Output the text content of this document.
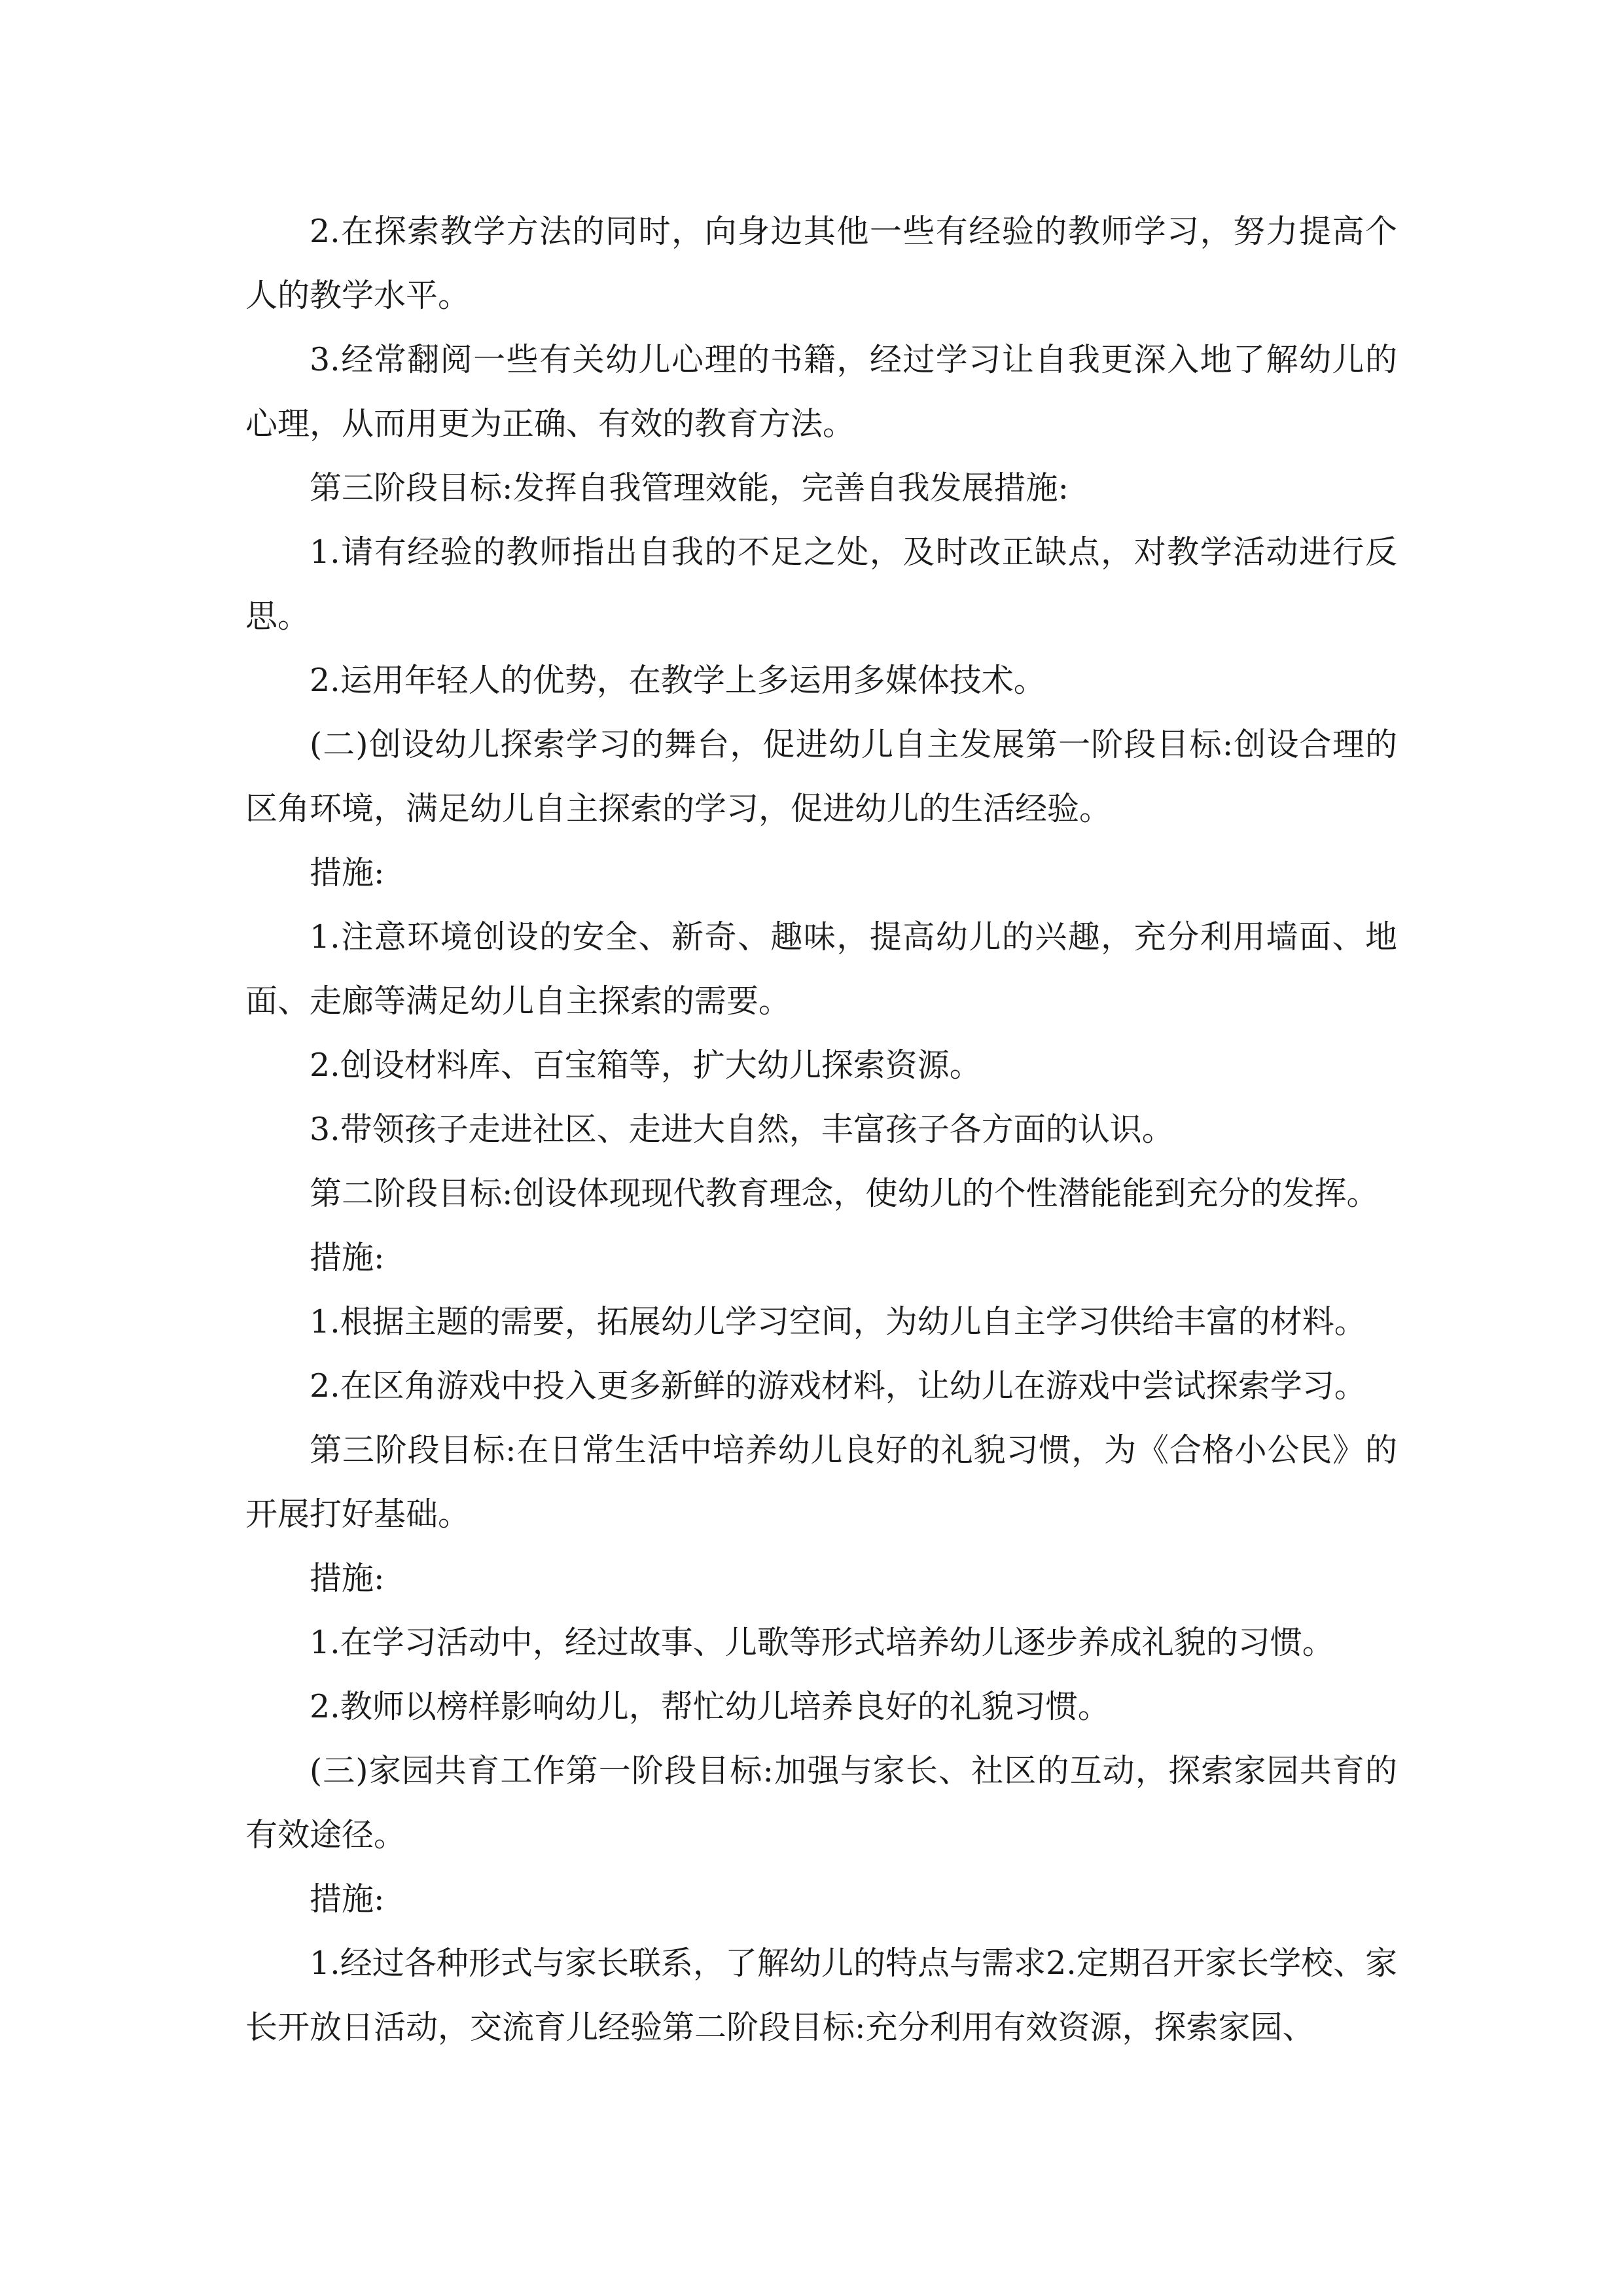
2.在探索教学方法的同时，向身边其他一些有经验的教师学习，努力提高个人的教学水平。

3.经常翻阅一些有关幼儿心理的书籍，经过学习让自我更深入地了解幼儿的心理，从而用更为正确、有效的教育方法。

第三阶段目标:发挥自我管理效能，完善自我发展措施:

1.请有经验的教师指出自我的不足之处，及时改正缺点，对教学活动进行反思。

2.运用年轻人的优势，在教学上多运用多媒体技术。

(二)创设幼儿探索学习的舞台，促进幼儿自主发展第一阶段目标:创设合理的区角环境，满足幼儿自主探索的学习，促进幼儿的生活经验。

措施:

1.注意环境创设的安全、新奇、趣味，提高幼儿的兴趣，充分利用墙面、地面、走廊等满足幼儿自主探索的需要。

2.创设材料库、百宝箱等，扩大幼儿探索资源。

3.带领孩子走进社区、走进大自然，丰富孩子各方面的认识。

第二阶段目标:创设体现现代教育理念，使幼儿的个性潜能能到充分的发挥。

措施:

1.根据主题的需要，拓展幼儿学习空间，为幼儿自主学习供给丰富的材料。

2.在区角游戏中投入更多新鲜的游戏材料，让幼儿在游戏中尝试探索学习。

第三阶段目标:在日常生活中培养幼儿良好的礼貌习惯，为《合格小公民》的开展打好基础。

措施:

1.在学习活动中，经过故事、儿歌等形式培养幼儿逐步养成礼貌的习惯。

2.教师以榜样影响幼儿，帮忙幼儿培养良好的礼貌习惯。

(三)家园共育工作第一阶段目标:加强与家长、社区的互动，探索家园共育的有效途径。

措施:

1.经过各种形式与家长联系，了解幼儿的特点与需求2.定期召开家长学校、家长开放日活动，交流育儿经验第二阶段目标:充分利用有效资源，探索家园、
